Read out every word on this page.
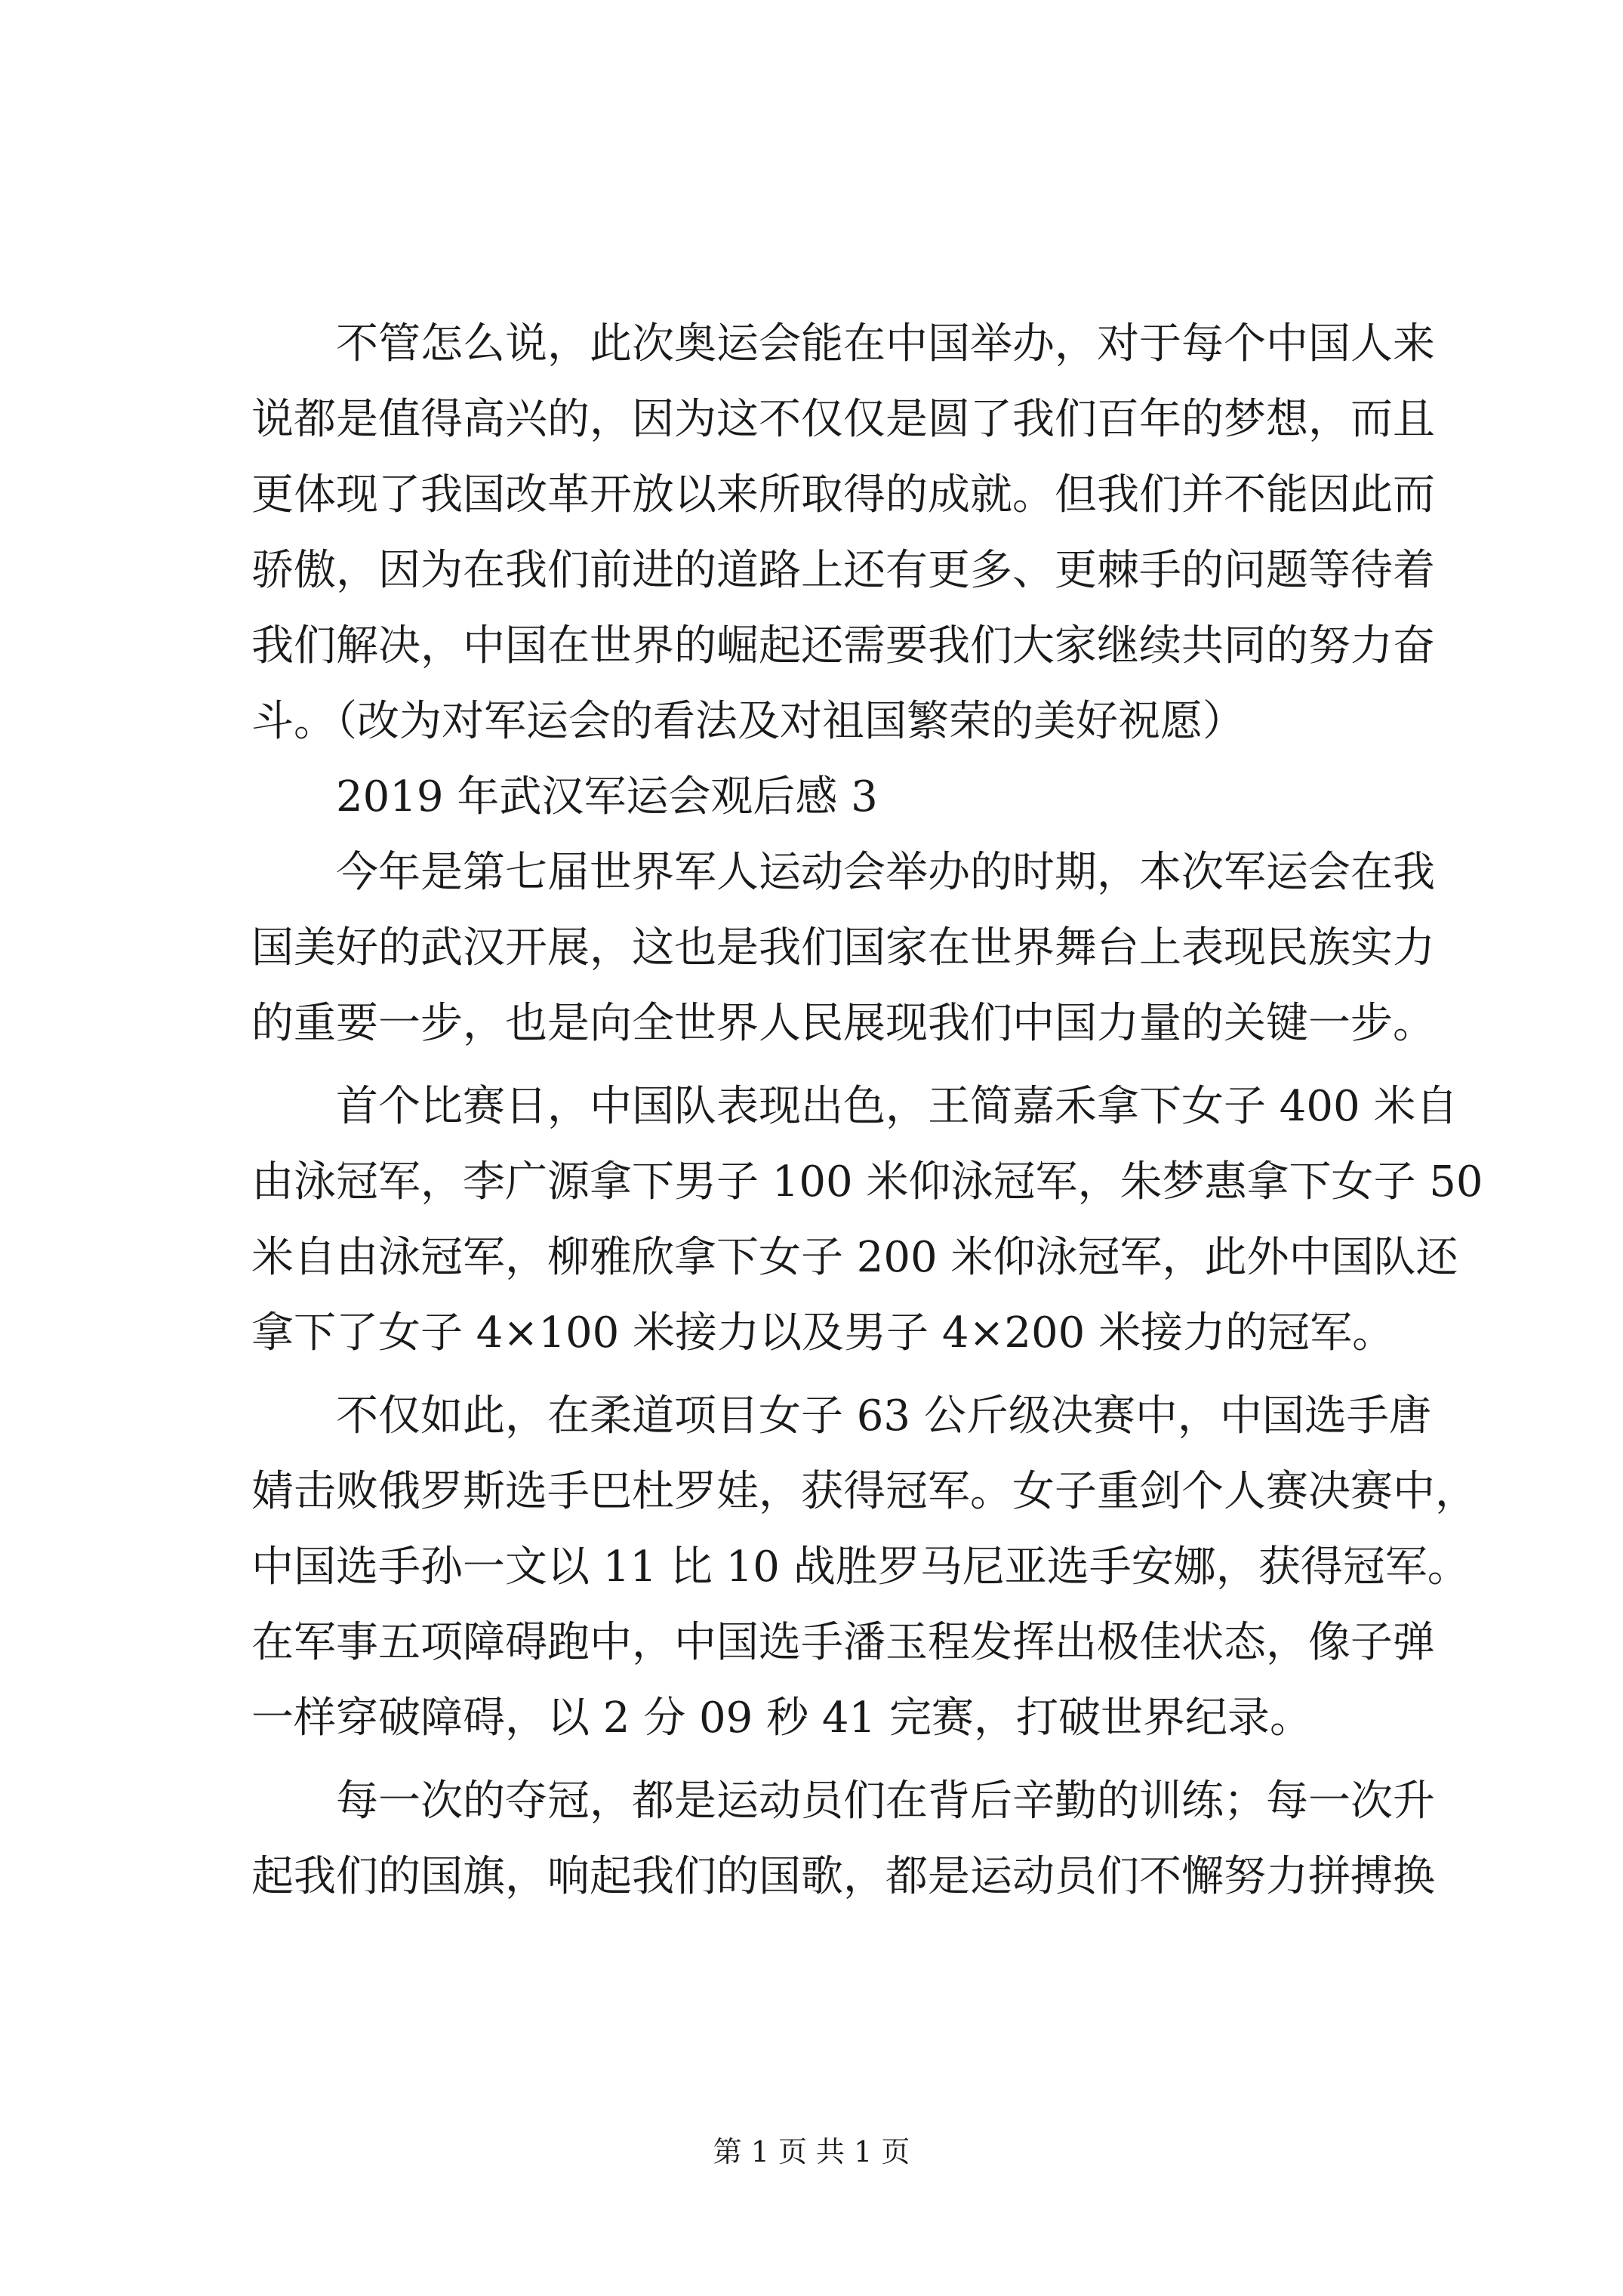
不管怎么说，此次奥运会能在中国举办，对于每个中国人来
说都是值得高兴的，因为这不仅仅是圆了我们百年的梦想，而且
更体现了我国改革开放以来所取得的成就。但我们并不能因此而
骄傲，因为在我们前进的道路上还有更多、更棘手的问题等待着
我们解决，中国在世界的崛起还需要我们大家继续共同的努力奋
斗。（改为对军运会的看法及对祖国繁荣的美好祝愿）
2019 年武汉军运会观后感 3
今年是第七届世界军人运动会举办的时期，本次军运会在我
国美好的武汉开展，这也是我们国家在世界舞台上表现民族实力
的重要一步，也是向全世界人民展现我们中国力量的关键一步。
首个比赛日，中国队表现出色，王简嘉禾拿下女子 400 米自
由泳冠军，李广源拿下男子 100 米仰泳冠军，朱梦惠拿下女子 50
米自由泳冠军，柳雅欣拿下女子 200 米仰泳冠军，此外中国队还
拿下了女子 4×100 米接力以及男子 4×200 米接力的冠军。
不仅如此，在柔道项目女子 63 公斤级决赛中，中国选手唐
婧击败俄罗斯选手巴杜罗娃，获得冠军。女子重剑个人赛决赛中，
中国选手孙一文以 11 比 10 战胜罗马尼亚选手安娜，获得冠军。
在军事五项障碍跑中，中国选手潘玉程发挥出极佳状态，像子弹
一样穿破障碍，以 2 分 09 秒 41 完赛，打破世界纪录。
每一次的夺冠，都是运动员们在背后辛勤的训练；每一次升
起我们的国旗，响起我们的国歌，都是运动员们不懈努力拼搏换
第 1 页 共 1 页
